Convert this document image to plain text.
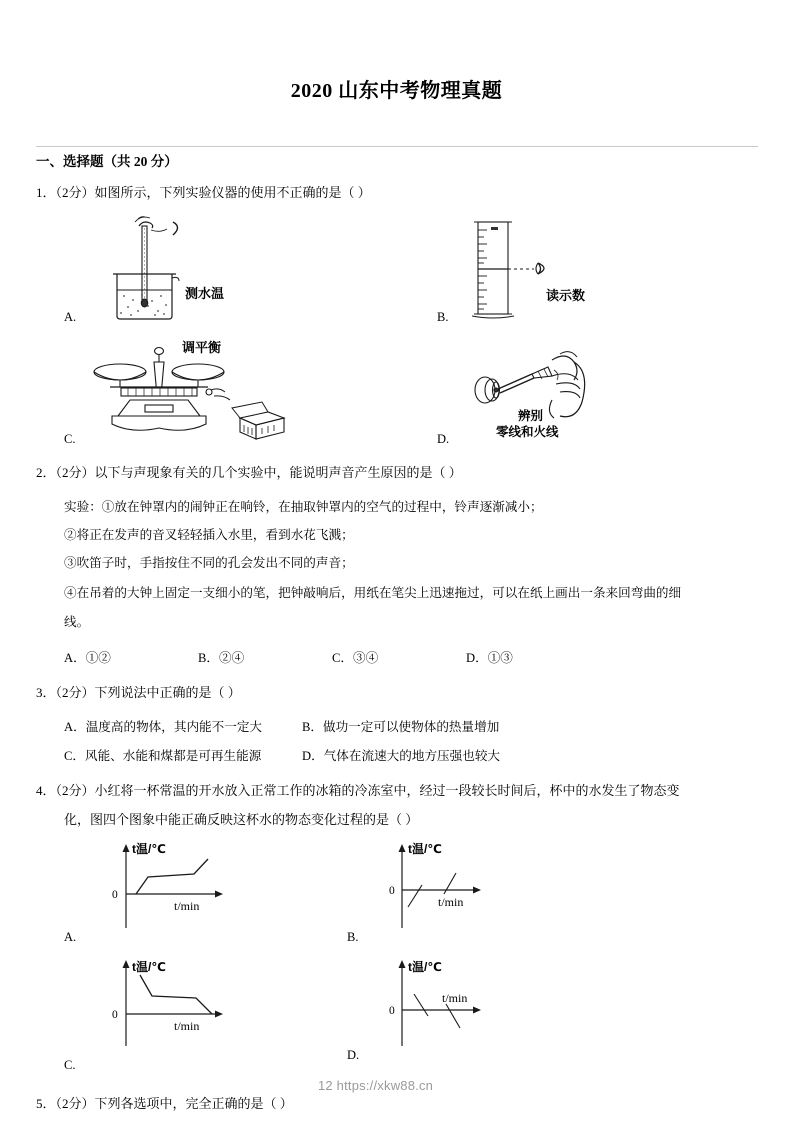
2020 山东中考物理真题
一、选择题（共 20 分）
1．（2分）如图所示，下列实验仪器的使用不正确的是（ ）
测水温
A.
读示数
B.
调平衡
C.
辨别
零线和火线
D.
2．（2分）以下与声现象有关的几个实验中，能说明声音产生原因的是（ ）
实验：①放在钟罩内的闹钟正在响铃，在抽取钟罩内的空气的过程中，铃声逐渐减小；
②将正在发声的音叉轻轻插入水里，看到水花飞溅；
③吹笛子时，手指按住不同的孔会发出不同的声音；
④在吊着的大钟上固定一支细小的笔，把钟敲响后，用纸在笔尖上迅速拖过，可以在纸上画出一条来回弯曲的细
线。
A．①②	B．②④	C．③④	D．①③
3．（2分）下列说法中正确的是（ ）
A．温度高的物体，其内能不一定大	B．做功一定可以使物体的热量增加
C．风能、水能和煤都是可再生能源	D．气体在流速大的地方压强也较大
4．（2分）小红将一杯常温的开水放入正常工作的冰箱的冷冻室中，经过一段较长时间后，杯中的水发生了物态变
化，图四个图象中能正确反映这杯水的物态变化过程的是（ ）
0
t温/℃
t/min
A.
0
t温/℃
t/min
B.
0
t温/℃
t/min
C.
0
t温/℃
t/min
D.
12 https://xkw88.cn
5．（2分）下列各选项中，完全正确的是（ ）
